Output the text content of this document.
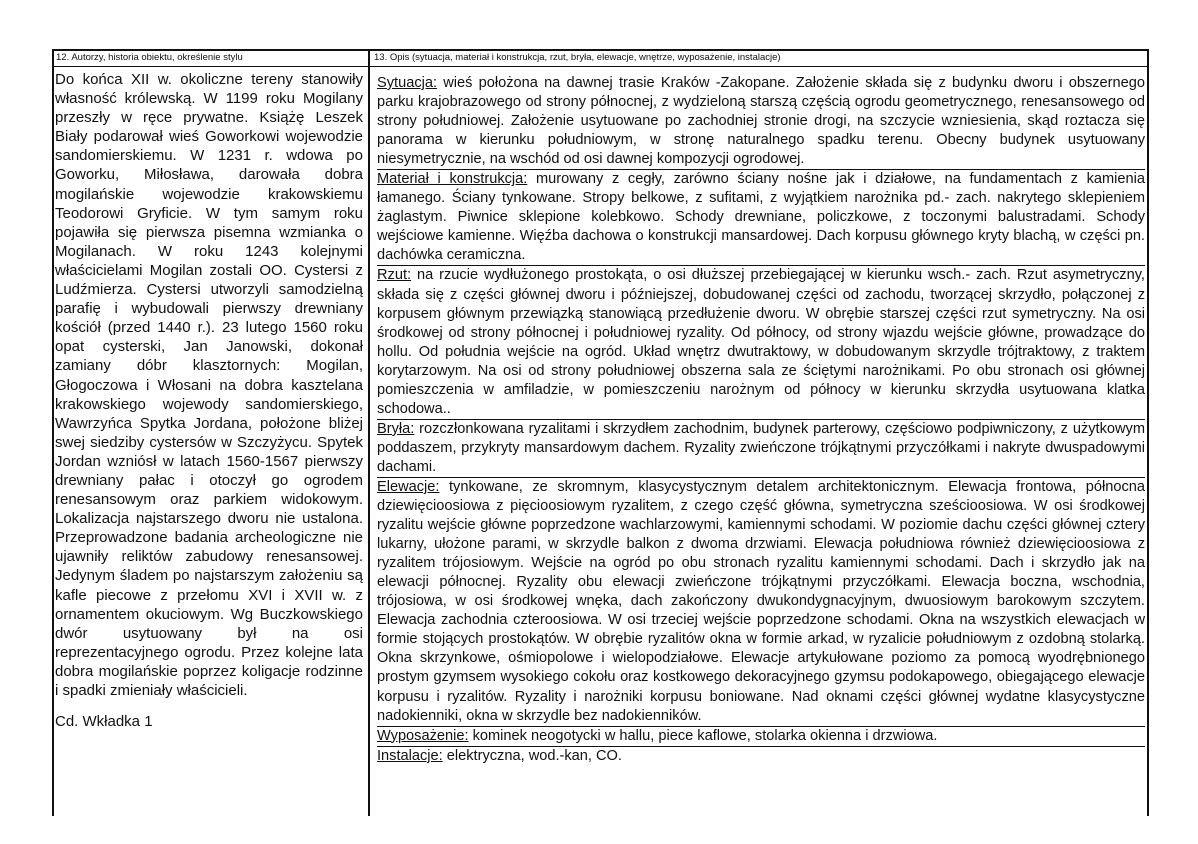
12. Autorzy, historia obiektu, określenie stylu	13. Opis (sytuacja, materiał i konstrukcja, rzut, bryła, elewacje, wnętrze, wyposażenie, instalacje)

Do końca XII w. okoliczne tereny stanowiły własność królewską. W 1199 roku Mogilany przeszły w ręce prywatne. Książę Leszek Biały podarował wieś Goworkowi wojewodzie sandomierskiemu. W 1231 r. wdowa po Goworku, Miłosława, darowała dobra mogilańskie wojewodzie krakowskiemu Teodorowi Gryficie. W tym samym roku pojawiła się pierwsza pisemna wzmianka o Mogilanach. W roku 1243 kolejnymi właścicielami Mogilan zostali OO. Cystersi z Ludźmierza. Cystersi utworzyli samodzielną parafię i wybudowali pierwszy drewniany kościół (przed 1440 r.). 23 lutego 1560 roku opat cysterski, Jan Janowski, dokonał zamiany dóbr klasztornych: Mogilan, Głogoczowa i Włosani na dobra kasztelana krakowskiego wojewody sandomierskiego, Wawrzyńca Spytka Jordana, położone bliżej swej siedziby cystersów w Szczyżycu. Spytek Jordan wzniósł w latach 1560-1567 pierwszy drewniany pałac i otoczył go ogrodem renesansowym oraz parkiem widokowym. Lokalizacja najstarszego dworu nie ustalona. Przeprowadzone badania archeologiczne nie ujawniły reliktów zabudowy renesansowej. Jedynym śladem po najstarszym założeniu są kafle piecowe z przełomu XVI i XVII w. z ornamentem okuciowym. Wg Buczkowskiego dwór usytuowany był na osi reprezentacyjnego ogrodu. Przez kolejne lata dobra mogilańskie poprzez koligacje rodzinne i spadki zmieniały właścicieli.

Cd. Wkładka 1

Sytuacja: wieś położona na dawnej trasie Kraków -Zakopane. Założenie składa się z budynku dworu i obszernego parku krajobrazowego od strony północnej, z wydzieloną starszą częścią ogrodu geometrycznego, renesansowego od strony południowej. Założenie usytuowane po zachodniej stronie drogi, na szczycie wzniesienia, skąd roztacza się panorama w kierunku południowym, w stronę naturalnego spadku terenu. Obecny budynek usytuowany niesymetrycznie, na wschód od osi dawnej kompozycji ogrodowej.

Materiał i konstrukcja: murowany z cegły, zarówno ściany nośne jak i działowe, na fundamentach z kamienia łamanego. Ściany tynkowane. Stropy belkowe, z sufitami, z wyjątkiem narożnika pd.- zach. nakrytego sklepieniem żaglastym. Piwnice sklepione kolebkowo. Schody drewniane, policzkowe, z toczonymi balustradami. Schody wejściowe kamienne. Więźba dachowa o konstrukcji mansardowej. Dach korpusu głównego kryty blachą, w części pn. dachówka ceramiczna.

Rzut: na rzucie wydłużonego prostokąta, o osi dłuższej przebiegającej w kierunku wsch.- zach. Rzut asymetryczny, składa się z części głównej dworu i późniejszej, dobudowanej części od zachodu, tworzącej skrzydło, połączonej z korpusem głównym przewiązką stanowiącą przedłużenie dworu. W obrębie starszej części rzut symetryczny. Na osi środkowej od strony północnej i południowej ryzality. Od północy, od strony wjazdu wejście główne, prowadzące do hollu. Od południa wejście na ogród. Układ wnętrz dwutraktowy, w dobudowanym skrzydle trójtraktowy, z traktem korytarzowym. Na osi od strony południowej obszerna sala ze ściętymi narożnikami. Po obu stronach osi głównej pomieszczenia w amfiladzie, w pomieszczeniu narożnym od północy w kierunku skrzydła usytuowana klatka schodowa..

Bryła: rozczłonkowana ryzalitami i skrzydłem zachodnim, budynek parterowy, częściowo podpiwniczony, z użytkowym poddaszem, przykryty mansardowym dachem. Ryzality zwieńczone trójkątnymi przyczółkami i nakryte dwuspadowymi dachami.

Elewacje: tynkowane, ze skromnym, klasycystycznym detalem architektonicznym. Elewacja frontowa, północna dziewięcioosiowa z pięcioosiowym ryzalitem, z czego część główna, symetryczna sześcioosiowa. W osi środkowej ryzalitu wejście główne poprzedzone wachlarzowymi, kamiennymi schodami. W poziomie dachu części głównej cztery lukarny, ułożone parami, w skrzydle balkon z dwoma drzwiami. Elewacja południowa również dziewięcioosiowa z ryzalitem trójosiowym. Wejście na ogród po obu stronach ryzalitu kamiennymi schodami. Dach i skrzydło jak na elewacji północnej. Ryzality obu elewacji zwieńczone trójkątnymi przyczółkami. Elewacja boczna, wschodnia, trójosiowa, w osi środkowej wnęka, dach zakończony dwukondygnacyjnym, dwuosiowym barokowym szczytem. Elewacja zachodnia czteroosiowa. W osi trzeciej wejście poprzedzone schodami. Okna na wszystkich elewacjach w formie stojących prostokątów. W obrębie ryzalitów okna w formie arkad, w ryzalicie południowym z ozdobną stolarką. Okna skrzynkowe, ośmiopolowe i wielopodziałowe. Elewacje artykułowane poziomo za pomocą wyodrębnionego prostym gzymsem wysokiego cokołu oraz kostkowego dekoracyjnego gzymsu podokapowego, obiegającego elewacje korpusu i ryzalitów. Ryzality i narożniki korpusu boniowane. Nad oknami części głównej wydatne klasycystyczne nadokienniki, okna w skrzydle bez nadokienników.

Wyposażenie: kominek neogotycki w hallu, piece kaflowe, stolarka okienna i drzwiowa.

Instalacje: elektryczna, wod.-kan, CO.
